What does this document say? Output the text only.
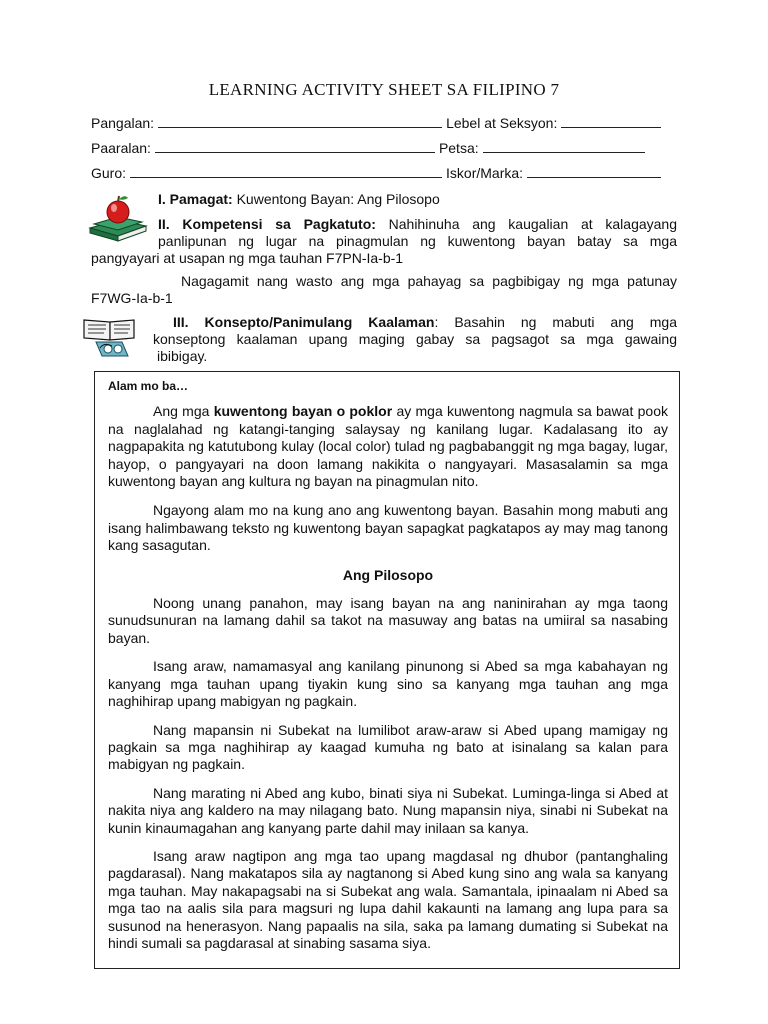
LEARNING ACTIVITY SHEET SA FILIPINO 7
Pangalan:	Lebel at Seksyon:
Paaralan:	Petsa:
Guro:	Iskor/Marka:
I. Pamagat: Kuwentong Bayan: Ang Pilosopo
II. Kompetensi sa Pagkatuto: Nahihinuha ang kaugalian at kalagayang
panlipunan ng lugar na pinagmulan ng kuwentong bayan batay sa mga
pangyayari at usapan ng mga tauhan F7PN-Ia-b-1
Nagagamit nang wasto ang mga pahayag sa pagbibigay ng mga patunay
F7WG-Ia-b-1
III. Konsepto/Panimulang Kaalaman: Basahin ng mabuti ang mga
konseptong kaalaman upang maging gabay sa pagsagot sa mga gawaing
ibibigay.
Alam mo ba…

Ang mga kuwentong bayan o poklor ay mga kuwentong nagmula sa bawat pook na naglalahad ng katangi-tanging salaysay ng kanilang lugar. Kadalasang ito ay nagpapakita ng katutubong kulay (local color) tulad ng pagbabanggit ng mga bagay, lugar, hayop, o pangyayari na doon lamang nakikita o nangyayari. Masasalamin sa mga kuwentong bayan ang kultura ng bayan na pinagmulan nito.

Ngayong alam mo na kung ano ang kuwentong bayan. Basahin mong mabuti ang isang halimbawang teksto ng kuwentong bayan sapagkat pagkatapos ay may mag tanong kang sasagutan.

Ang Pilosopo

Noong unang panahon, may isang bayan na ang naninirahan ay mga taong sunudsunuran na lamang dahil sa takot na masuway ang batas na umiiral sa nasabing bayan.

Isang araw, namamasyal ang kanilang pinunong si Abed sa mga kabahayan ng kanyang mga tauhan upang tiyakin kung sino sa kanyang mga tauhan ang mga naghihirap upang mabigyan ng pagkain.

Nang mapansin ni Subekat na lumilibot araw-araw si Abed upang mamigay ng pagkain sa mga naghihirap ay kaagad kumuha ng bato at isinalang sa kalan para mabigyan ng pagkain.

Nang marating ni Abed ang kubo, binati siya ni Subekat. Luminga-linga si Abed at nakita niya ang kaldero na may nilagang bato. Nung mapansin niya, sinabi ni Subekat na kunin kinaumagahan ang kanyang parte dahil may inilaan sa kanya.

Isang araw nagtipon ang mga tao upang magdasal ng dhubor (pantanghaling pagdarasal). Nang makatapos sila ay nagtanong si Abed kung sino ang wala sa kanyang mga tauhan. May nakapagsabi na si Subekat ang wala. Samantala, ipinaalam ni Abed sa mga tao na aalis sila para magsuri ng lupa dahil kakaunti na lamang ang lupa para sa susunod na henerasyon. Nang papaalis na sila, saka pa lamang dumating si Subekat na hindi sumali sa pagdarasal at sinabing sasama siya.
